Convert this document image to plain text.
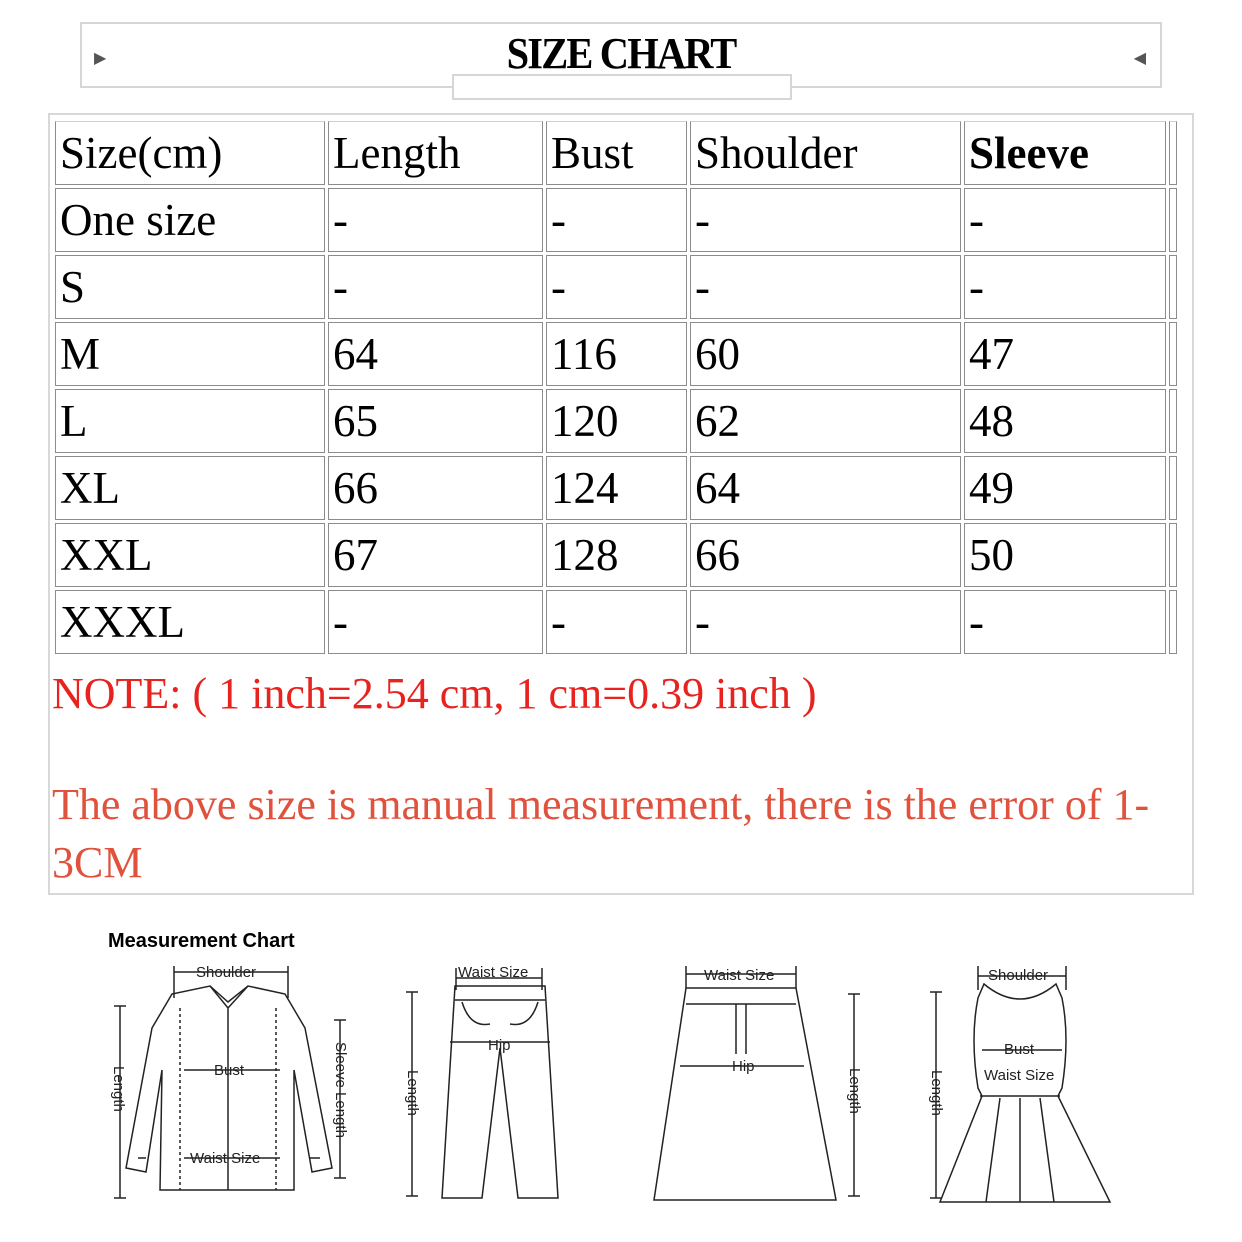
▶	SIZE CHART	◀
Size(cm)	Length	Bust	Shoulder	Sleeve	
One size	-	-	-	-	
S	-	-	-	-	
M	64	116	60	47	
L	65	120	62	48	
XL	66	124	64	49	
XXL	67	128	66	50	
XXXL	-	-	-	-	
NOTE: ( 1 inch=2.54 cm, 1 cm=0.39 inch )
The above size is manual measurement, there is the error of 1-3CM
Measurement Chart
Shoulder
Bust
Waist Size
Length	Sleeve Length
Waist Size
Hip
Length
Waist Size
Hip
Length
Shoulder
Bust
Waist Size
Length
